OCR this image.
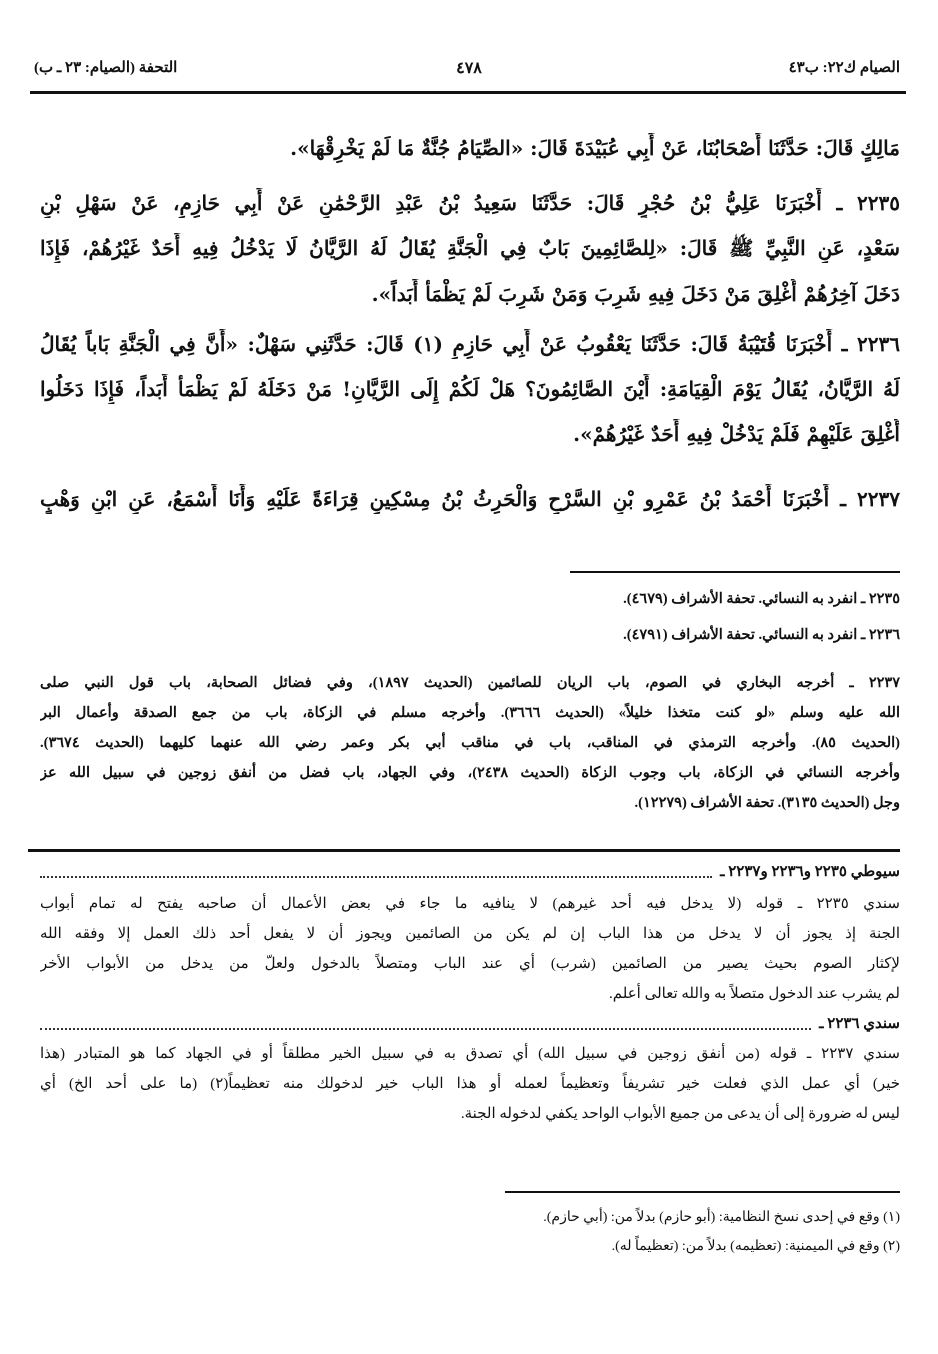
الصيام ك٢٢: ب٤٣
٤٧٨
التحفة (الصيام: ٢٣ ـ ب)
مَالِكٍ قَالَ: حَدَّثَنَا أَصْحَابُنَا، عَنْ أَبِي عُبَيْدَةَ قَالَ: «الصِّيَامُ جُنَّةٌ مَا لَمْ يَخْرِقْهَا».
٢٢٣٥ ـ أَخْبَرَنَا عَلِيُّ بْنُ حُجْرٍ قَالَ: حَدَّثَنَا سَعِيدُ بْنُ عَبْدِ الرَّحْمَٰنِ عَنْ أَبِي حَازِمٍ، عَنْ سَهْلِ بْنِ
سَعْدٍ، عَنِ النَّبِيِّ ﷺ قَالَ: «لِلصَّائِمِينَ بَابٌ فِي الْجَنَّةِ يُقَالُ لَهُ الرَّيَّانُ لَا يَدْخُلُ فِيهِ أَحَدٌ غَيْرُهُمْ، فَإِذَا
دَخَلَ آخِرُهُمْ أُغْلِقَ مَنْ دَخَلَ فِيهِ شَرِبَ وَمَنْ شَرِبَ لَمْ يَظْمَأْ أَبَداً».
٢٢٣٦ ـ أَخْبَرَنَا قُتَيْبَةُ قَالَ: حَدَّثَنَا يَعْقُوبُ عَنْ أَبِي حَازِمٍ (١) قَالَ: حَدَّثَنِي سَهْلٌ: «أَنَّ فِي الْجَنَّةِ بَاباً يُقَالُ
لَهُ الرَّيَّانُ، يُقَالُ يَوْمَ الْقِيَامَةِ: أَيْنَ الصَّائِمُونَ؟ هَلْ لَكُمْ إِلَى الرَّيَّانِ! مَنْ دَخَلَهُ لَمْ يَظْمَأْ أَبَداً، فَإِذَا دَخَلُوا
أُغْلِقَ عَلَيْهِمْ فَلَمْ يَدْخُلْ فِيهِ أَحَدٌ غَيْرُهُمْ».
٢٢٣٧ ـ أَخْبَرَنَا أَحْمَدُ بْنُ عَمْرِو بْنِ السَّرْحِ وَالْحَرِثُ بْنُ مِسْكِينٍ قِرَاءَةً عَلَيْهِ وَأَنَا أَسْمَعُ، عَنِ ابْنِ وَهْبٍ
٢٢٣٥ ـ انفرد به النسائي. تحفة الأشراف (٤٦٧٩).
٢٢٣٦ ـ انفرد به النسائي. تحفة الأشراف (٤٧٩١).
٢٢٣٧ ـ أخرجه البخاري في الصوم، باب الريان للصائمين (الحديث ١٨٩٧)، وفي فضائل الصحابة، باب قول النبي صلى
الله عليه وسلم «لو كنت متخذا خليلاً» (الحديث ٣٦٦٦). وأخرجه مسلم في الزكاة، باب من جمع الصدقة وأعمال البر
(الحديث ٨٥). وأخرجه الترمذي في المناقب، باب في مناقب أبي بكر وعمر رضي الله عنهما كليهما (الحديث ٣٦٧٤).
وأخرجه النسائي في الزكاة، باب وجوب الزكاة (الحديث ٢٤٣٨)، وفي الجهاد، باب فضل من أنفق زوجين في سبيل الله عز
وجل (الحديث ٣١٣٥). تحفة الأشراف (١٢٢٧٩).
سيوطي ٢٢٣٥ و٢٢٣٦ و٢٢٣٧ ـ
سندي ٢٢٣٥ ـ قوله (لا يدخل فيه أحد غيرهم) لا ينافيه ما جاء في بعض الأعمال أن صاحبه يفتح له تمام أبواب
الجنة إذ يجوز أن لا يدخل من هذا الباب إن لم يكن من الصائمين ويجوز أن لا يفعل أحد ذلك العمل إلا وفقه الله
لإكثار الصوم بحيث يصير من الصائمين (شرب) أي عند الباب ومتصلاً بالدخول ولعلّ من يدخل من الأبواب الأخر
لم يشرب عند الدخول متصلاً به والله تعالى أعلم.
سندي ٢٢٣٦ ـ
سندي ٢٢٣٧ ـ قوله (من أنفق زوجين في سبيل الله) أي تصدق به في سبيل الخير مطلقاً أو في الجهاد كما هو المتبادر (هذا
خير) أي عمل الذي فعلت خير تشريفاً وتعظيماً لعمله أو هذا الباب خير لدخولك منه تعظيماً(٢) (ما على أحد الخ) أي
ليس له ضرورة إلى أن يدعى من جميع الأبواب الواحد يكفي لدخوله الجنة.
(١) وقع في إحدى نسخ النظامية: (أبو حازم) بدلاً من: (أبي حازم).
(٢) وقع في الميمنية: (تعظيمه) بدلاً من: (تعظيماً له).
